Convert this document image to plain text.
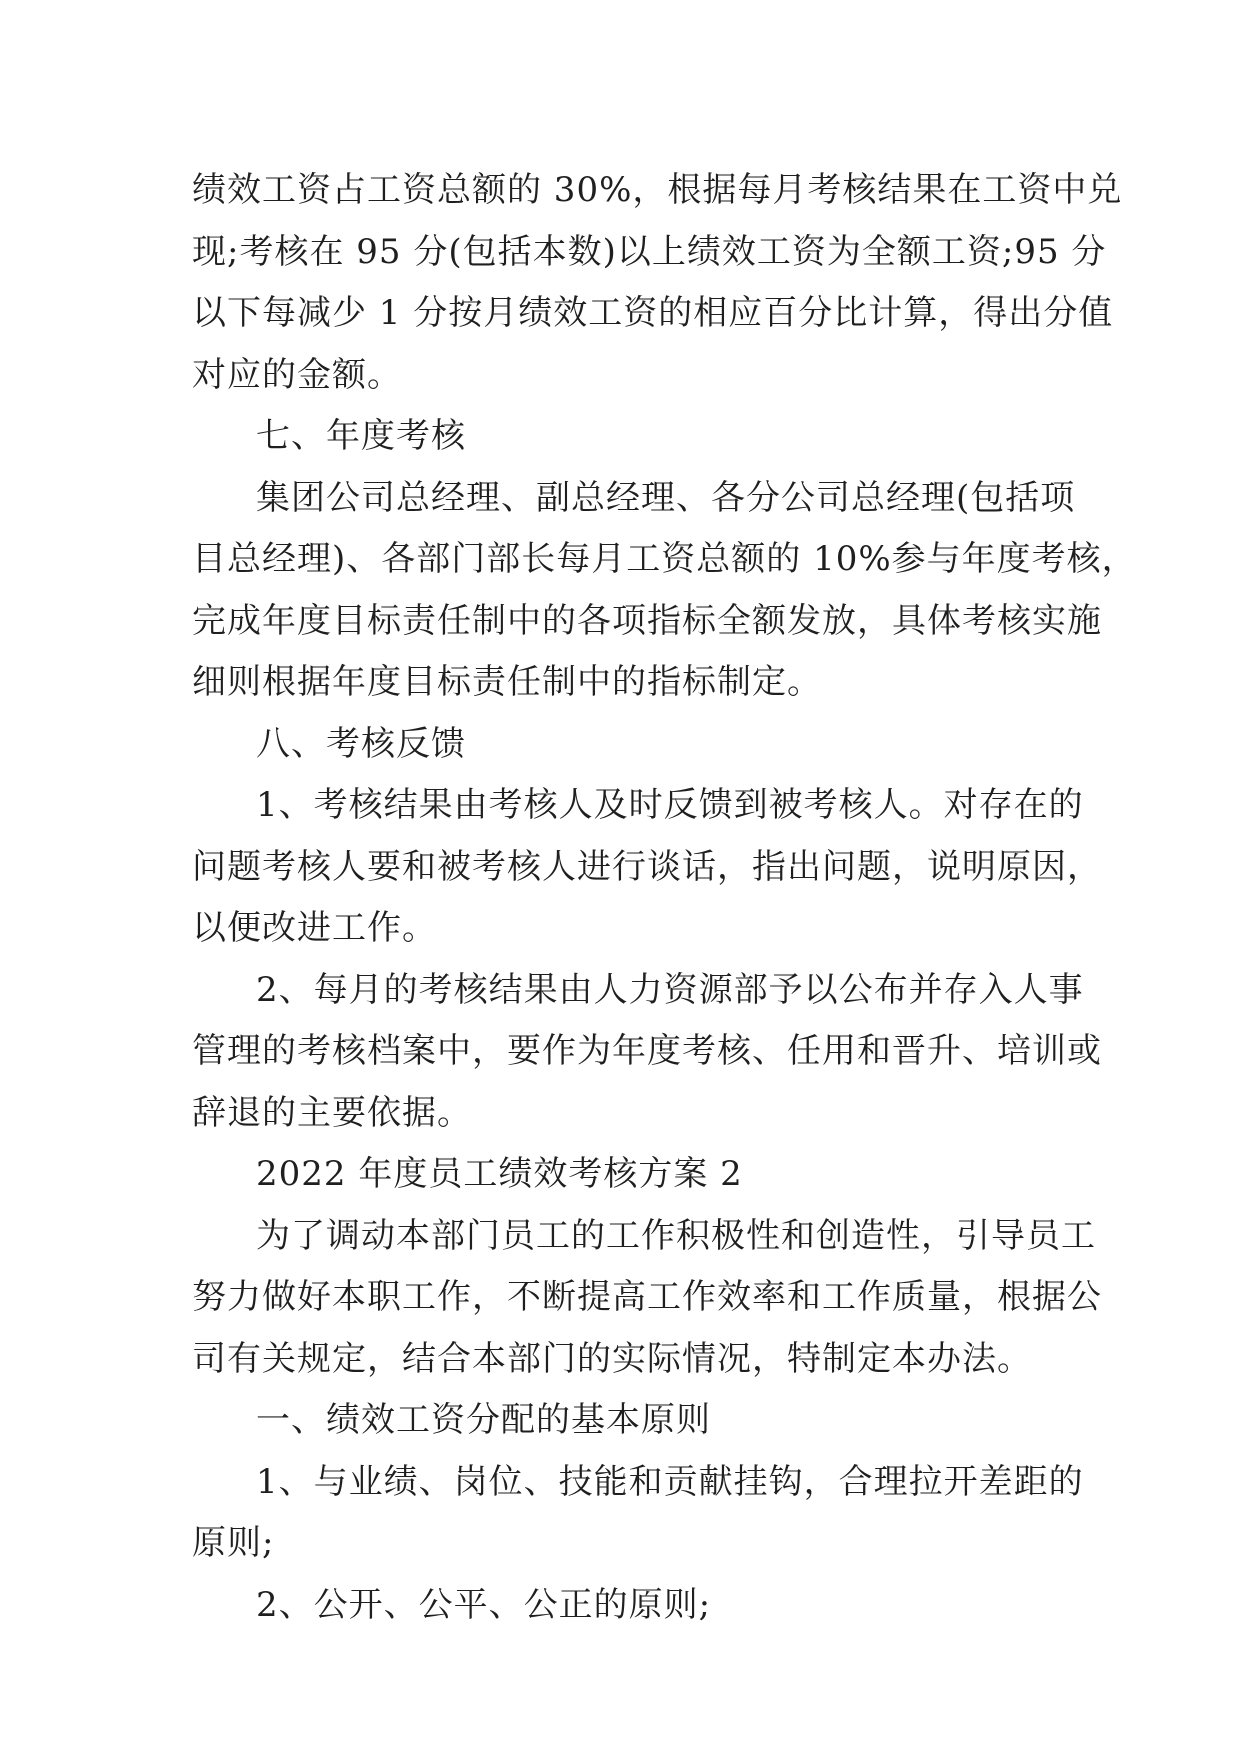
绩效工资占工资总额的 30%，根据每月考核结果在工资中兑
现;考核在 95 分(包括本数)以上绩效工资为全额工资;95 分
以下每减少 1 分按月绩效工资的相应百分比计算，得出分值
对应的金额。

七、年度考核

集团公司总经理、副总经理、各分公司总经理(包括项
目总经理)、各部门部长每月工资总额的 10%参与年度考核，
完成年度目标责任制中的各项指标全额发放，具体考核实施
细则根据年度目标责任制中的指标制定。

八、考核反馈

1、考核结果由考核人及时反馈到被考核人。对存在的
问题考核人要和被考核人进行谈话，指出问题，说明原因，
以便改进工作。

2、每月的考核结果由人力资源部予以公布并存入人事
管理的考核档案中，要作为年度考核、任用和晋升、培训或
辞退的主要依据。

2022 年度员工绩效考核方案 2

为了调动本部门员工的工作积极性和创造性，引导员工
努力做好本职工作，不断提高工作效率和工作质量，根据公
司有关规定，结合本部门的实际情况，特制定本办法。

一、绩效工资分配的基本原则

1、与业绩、岗位、技能和贡献挂钩，合理拉开差距的
原则;

2、公开、公平、公正的原则;
